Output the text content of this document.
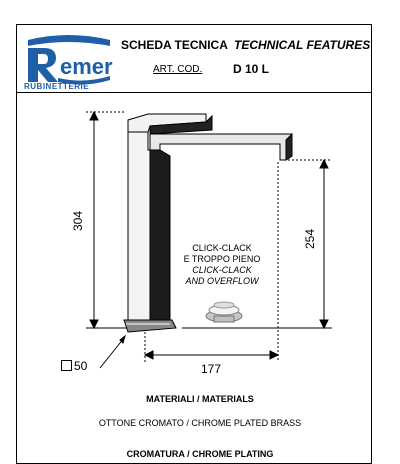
emer
RUBINETTERIE
SCHEDA TECNICA TECHNICAL FEATURES
ART. COD.	D 10 L
304
254
177
50
CLICK-CLACK
E TROPPO PIENO
CLICK-CLACK
AND OVERFLOW
MATERIALI / MATERIALS
OTTONE CROMATO / CHROME PLATED BRASS
CROMATURA / CHROME PLATING
